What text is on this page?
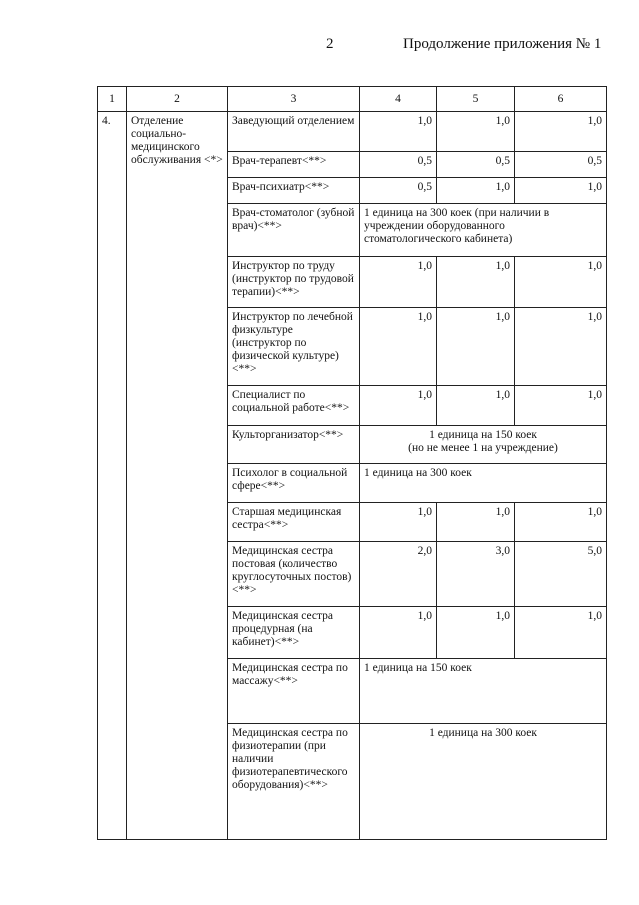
2	Продолжение приложения № 1
1	2	3	4	5	6
4.	Отделение социально-медицинского обслуживания <*>	Заведующий отделением	1,0	1,0	1,0
		Врач-терапевт<**>	0,5	0,5	0,5
		Врач-психиатр<**>	0,5	1,0	1,0
		Врач-стоматолог (зубной врач)<**>	1 единица на 300 коек (при наличии в учреждении оборудованного стоматологического кабинета)		
		Инструктор по труду (инструктор по трудовой терапии)<**>	1,0	1,0	1,0
		Инструктор по лечебной физкультуре (инструктор по физической культуре) <**>	1,0	1,0	1,0
		Специалист по социальной работе<**>	1,0	1,0	1,0
		Культорганизатор<**>	1 единица на 150 коек
(но не менее 1 на учреждение)		
		Психолог в социальной сфере<**>	1 единица на 300 коек		
		Старшая медицинская сестра<**>	1,0	1,0	1,0
		Медицинская сестра постовая (количество круглосуточных постов)<**>	2,0	3,0	5,0
		Медицинская сестра процедурная (на кабинет)<**>	1,0	1,0	1,0
		Медицинская сестра по массажу<**>	1 единица на 150 коек		
		Медицинская сестра по физиотерапии (при наличии физиотерапевтического оборудования)<**>	1 единица на 300 коек		
